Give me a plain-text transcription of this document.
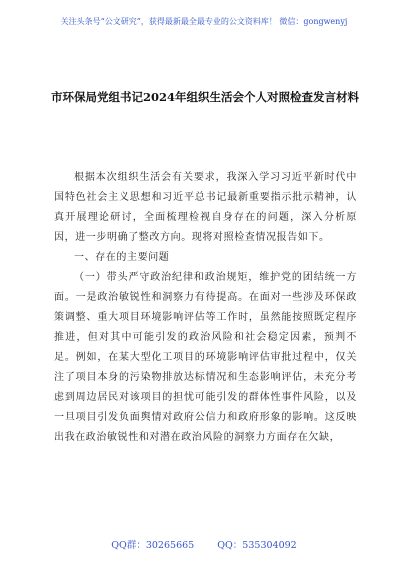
关注头条号“公文研究”，获得最新最全最专业的公文资料库！ 微信：gongwenyj
市环保局党组书记2024年组织生活会个人对照检查发言材料

根据本次组织生活会有关要求，我深入学习习近平新时代中国特色社会主义思想和习近平总书记最新重要指示批示精神，认真开展理论研讨，全面梳理检视自身存在的问题，深入分析原因，进一步明确了整改方向。现将对照检查情况报告如下。

一、存在的主要问题

（一）带头严守政治纪律和政治规矩，维护党的团结统一方面。一是政治敏锐性和洞察力有待提高。在面对一些涉及环保政策调整、重大项目环境影响评估等工作时，虽然能按照既定程序推进，但对其中可能引发的政治风险和社会稳定因素，预判不足。例如，在某大型化工项目的环境影响评估审批过程中，仅关注了项目本身的污染物排放达标情况和生态影响评估，未充分考虑到周边居民对该项目的担忧可能引发的群体性事件风险，以及一旦项目引发负面舆情对政府公信力和政府形象的影响。这反映出我在政治敏锐性和对潜在政治风险的洞察力方面存在欠缺，

QQ群：30265665 QQ：535304092
